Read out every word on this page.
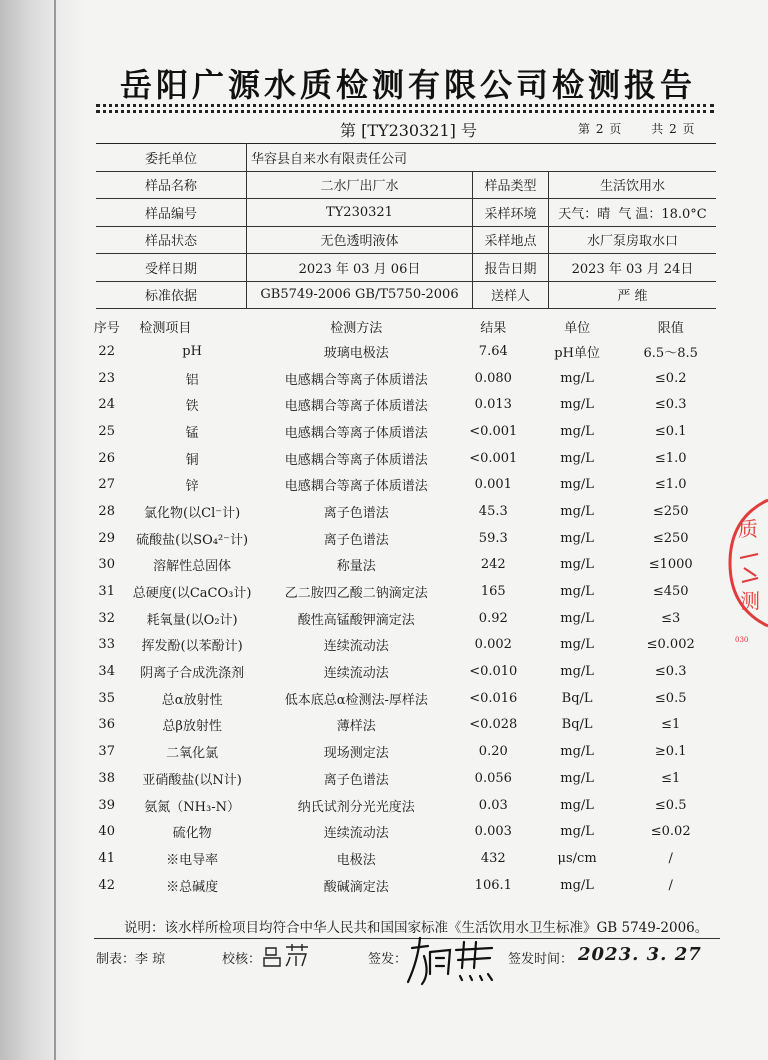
岳阳广源水质检测有限公司检测报告
第 [TY230321] 号	第 2 页	共 2 页
委托单位	华容县自来水有限责任公司		
样品名称	二水厂出厂水	样品类型	生活饮用水
样品编号	TY230321	采样环境	天气：晴 气 温：18.0°C
样品状态	无色透明液体	采样地点	水厂泵房取水口
受样日期	2023 年 03 月 06日	报告日期	2023 年 03 月 24日
标准依据	GB5749-2006 GB/T5750-2006	送样人	严 维
序号	检测项目	检测方法	结果	单位	限值
22	pH	玻璃电极法	7.64	pH单位	6.5～8.5
23	铝	电感耦合等离子体质谱法	0.080	mg/L	≤0.2
24	铁	电感耦合等离子体质谱法	0.013	mg/L	≤0.3
25	锰	电感耦合等离子体质谱法	<0.001	mg/L	≤0.1
26	铜	电感耦合等离子体质谱法	<0.001	mg/L	≤1.0
27	锌	电感耦合等离子体质谱法	0.001	mg/L	≤1.0
28	氯化物(以Cl⁻计)	离子色谱法	45.3	mg/L	≤250
29	硫酸盐(以SO₄²⁻计)	离子色谱法	59.3	mg/L	≤250
30	溶解性总固体	称量法	242	mg/L	≤1000
31	总硬度(以CaCO₃计)	乙二胺四乙酸二钠滴定法	165	mg/L	≤450
32	耗氧量(以O₂计)	酸性高锰酸钾滴定法	0.92	mg/L	≤3
33	挥发酚(以苯酚计)	连续流动法	0.002	mg/L	≤0.002
34	阴离子合成洗涤剂	连续流动法	<0.010	mg/L	≤0.3
35	总α放射性	低本底总α检测法-厚样法	<0.016	Bq/L	≤0.5
36	总β放射性	薄样法	<0.028	Bq/L	≤1
37	二氧化氯	现场测定法	0.20	mg/L	≥0.1
38	亚硝酸盐(以N计)	离子色谱法	0.056	mg/L	≤1
39	氨氮（NH₃-N）	纳氏试剂分光光度法	0.03	mg/L	≤0.5
40	硫化物	连续流动法	0.003	mg/L	≤0.02
41	※电导率	电极法	432	μs/cm	/
42	※总碱度	酸碱滴定法	106.1	mg/L	/
说明：该水样所检项目均符合中华人民共和国国家标准《生活饮用水卫生标准》GB 5749-2006。
制表：李 琼	校核：	签发：	签发时间： 2023. 3. 27
质
测
030
